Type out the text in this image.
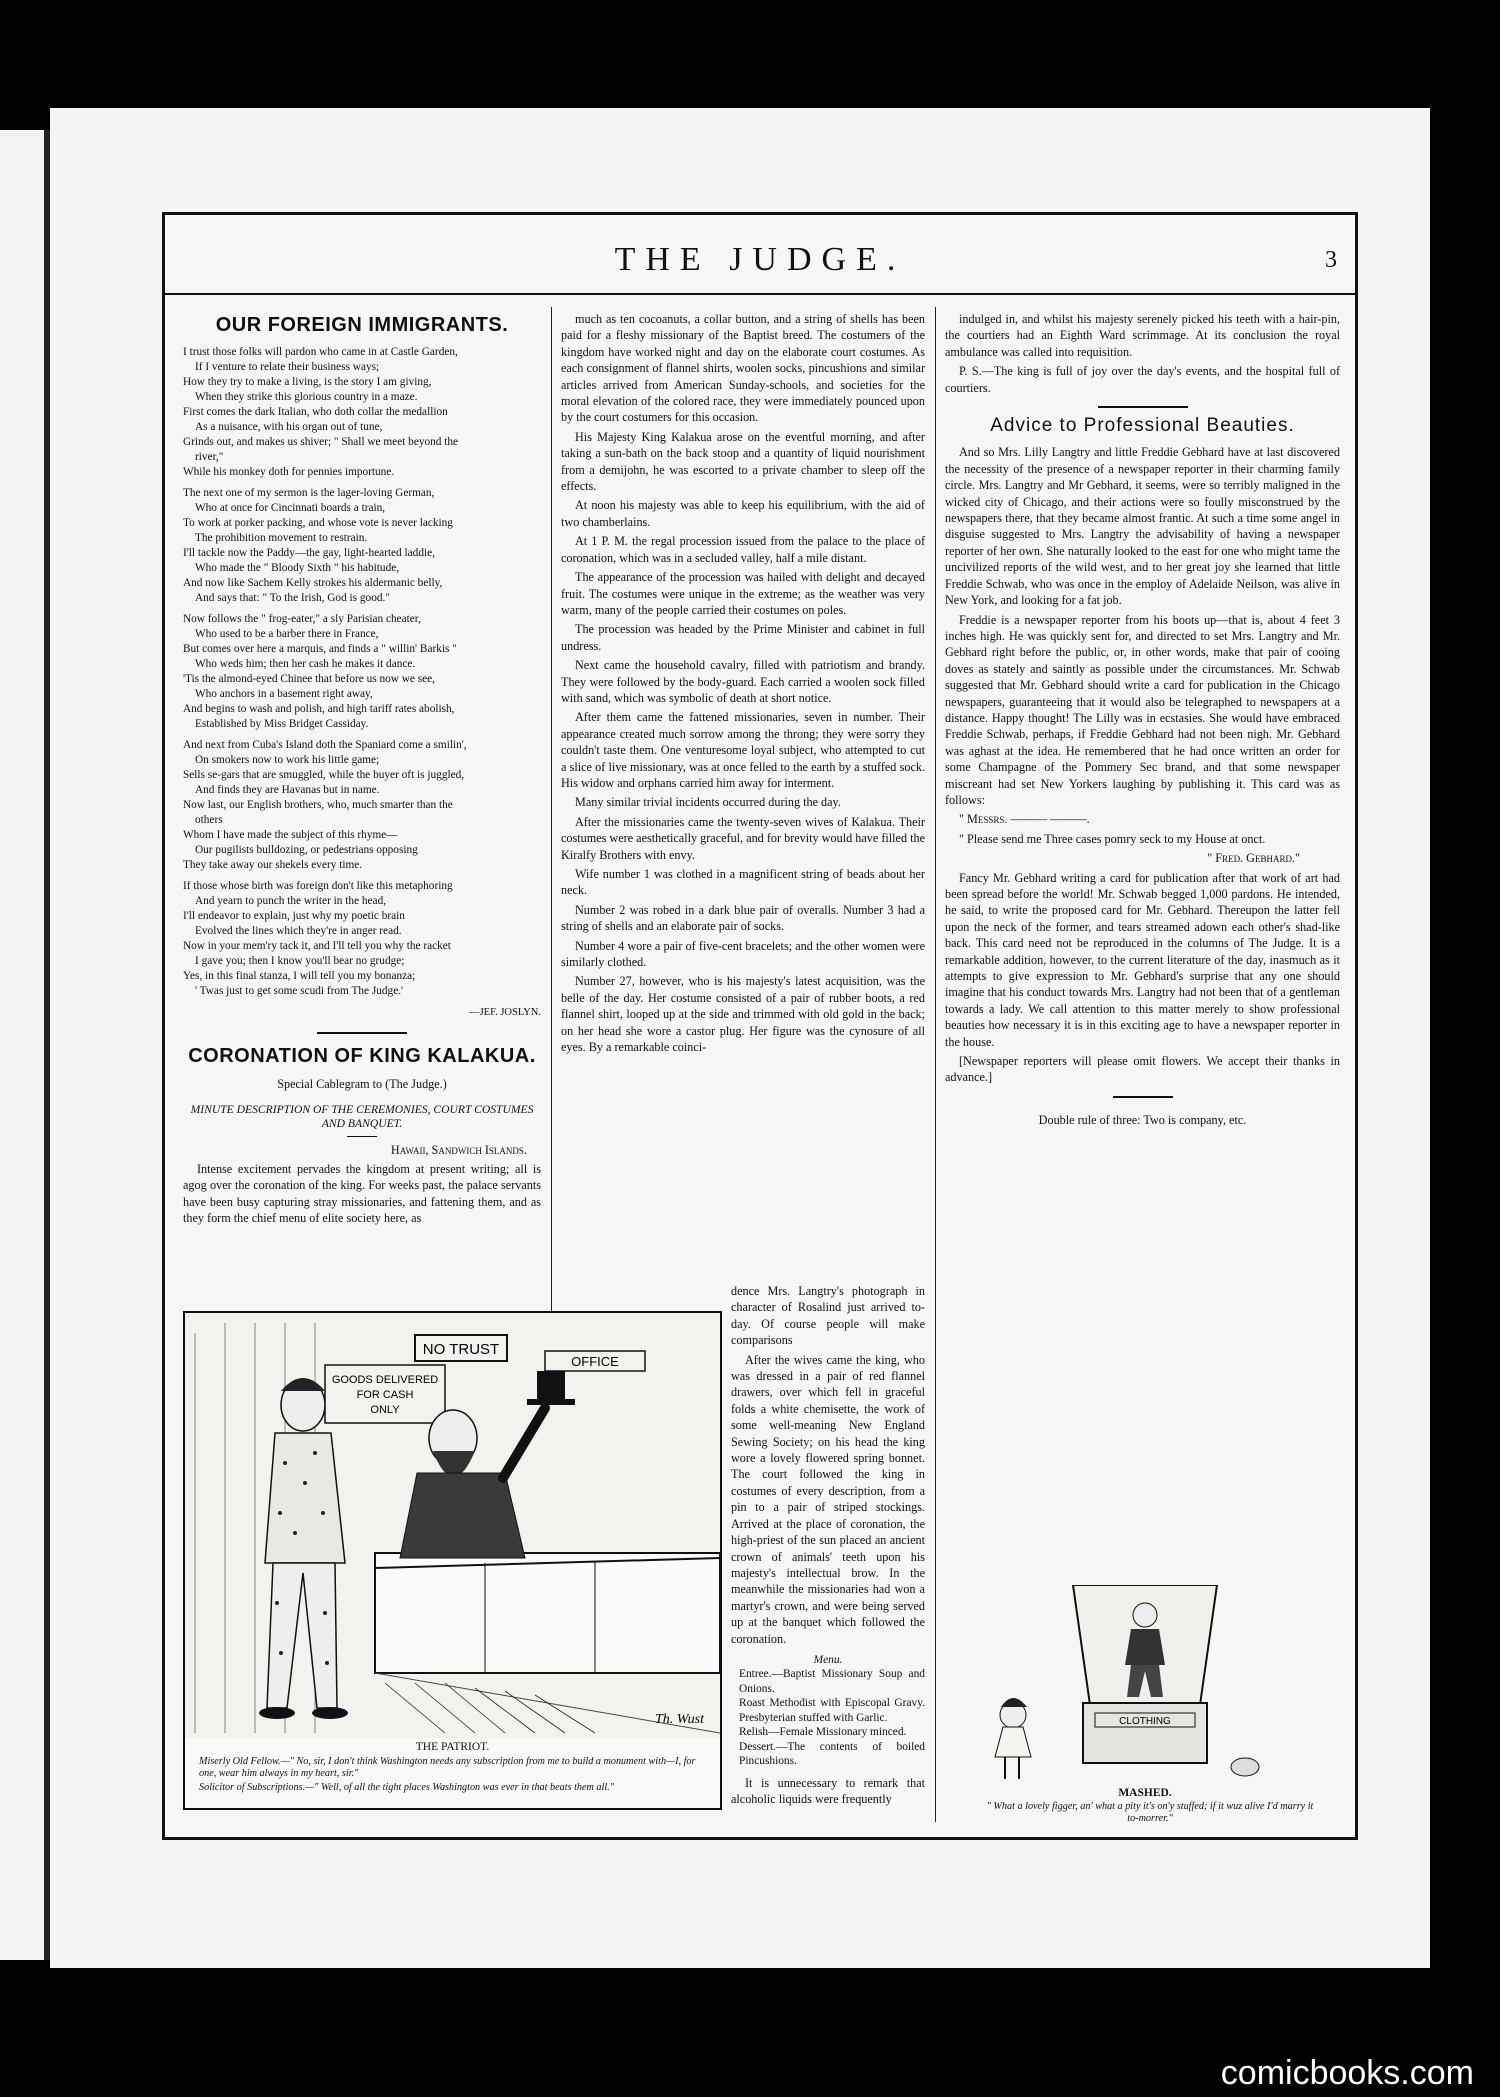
THE JUDGE.	3
OUR FOREIGN IMMIGRANTS.

I trust those folks will pardon who came in at Castle Garden,

If I venture to relate their business ways;

How they try to make a living, is the story I am giving,

When they strike this glorious country in a maze.

First comes the dark Italian, who doth collar the medallion

As a nuisance, with his organ out of tune,

Grinds out, and makes us shiver; " Shall we meet beyond the

river,"

While his monkey doth for pennies importune.

The next one of my sermon is the lager-loving German,

Who at once for Cincinnati boards a train,

To work at porker packing, and whose vote is never lacking

The prohibition movement to restrain.

I'll tackle now the Paddy—the gay, light-hearted laddie,

Who made the " Bloody Sixth " his habitude,

And now like Sachem Kelly strokes his aldermanic belly,

And says that: " To the Irish, God is good."

Now follows the " frog-eater," a sly Parisian cheater,

Who used to be a barber there in France,

But comes over here a marquis, and finds a " willin' Barkis "

Who weds him; then her cash he makes it dance.

'Tis the almond-eyed Chinee that before us now we see,

Who anchors in a basement right away,

And begins to wash and polish, and high tariff rates abolish,

Established by Miss Bridget Cassiday.

And next from Cuba's Island doth the Spaniard come a smilin',

On smokers now to work his little game;

Sells se-gars that are smuggled, while the buyer oft is juggled,

And finds they are Havanas but in name.

Now last, our English brothers, who, much smarter than the

others

Whom I have made the subject of this rhyme—

Our pugilists bulldozing, or pedestrians opposing

They take away our shekels every time.

If those whose birth was foreign don't like this metaphoring

And yearn to punch the writer in the head,

I'll endeavor to explain, just why my poetic brain

Evolved the lines which they're in anger read.

Now in your mem'ry tack it, and I'll tell you why the racket

I gave you; then I know you'll bear no grudge;

Yes, in this final stanza, I will tell you my bonanza;

' Twas just to get some scudi from The Judge.'

—JEF. JOSLYN.

CORONATION OF KING KALAKUA.

Special Cablegram to (The Judge.)

MINUTE DESCRIPTION OF THE CEREMONIES, COURT COSTUMES AND BANQUET.

Hawaii, Sandwich Islands.

Intense excitement pervades the kingdom at present writing; all is agog over the coronation of the king. For weeks past, the palace servants have been busy capturing stray missionaries, and fattening them, and as they form the chief menu of elite society here, as

much as ten cocoanuts, a collar button, and a string of shells has been paid for a fleshy missionary of the Baptist breed. The costumers of the kingdom have worked night and day on the elaborate court costumes. As each consignment of flannel shirts, woolen socks, pincushions and similar articles arrived from American Sunday-schools, and societies for the moral elevation of the colored race, they were immediately pounced upon by the court costumers for this occasion.

His Majesty King Kalakua arose on the eventful morning, and after taking a sun-bath on the back stoop and a quantity of liquid nourishment from a demijohn, he was escorted to a private chamber to sleep off the effects.

At noon his majesty was able to keep his equilibrium, with the aid of two chamberlains.

At 1 P. M. the regal procession issued from the palace to the place of coronation, which was in a secluded valley, half a mile distant.

The appearance of the procession was hailed with delight and decayed fruit. The costumes were unique in the extreme; as the weather was very warm, many of the people carried their costumes on poles.

The procession was headed by the Prime Minister and cabinet in full undress.

Next came the household cavalry, filled with patriotism and brandy. They were followed by the body-guard. Each carried a woolen sock filled with sand, which was symbolic of death at short notice.

After them came the fattened missionaries, seven in number. Their appearance created much sorrow among the throng; they were sorry they couldn't taste them. One venturesome loyal subject, who attempted to cut a slice of live missionary, was at once felled to the earth by a stuffed sock. His widow and orphans carried him away for interment.

Many similar trivial incidents occurred during the day.

After the missionaries came the twenty-seven wives of Kalakua. Their costumes were aesthetically graceful, and for brevity would have filled the Kiralfy Brothers with envy.

Wife number 1 was clothed in a magnificent string of beads about her neck.

Number 2 was robed in a dark blue pair of overalls. Number 3 had a string of shells and an elaborate pair of socks.

Number 4 wore a pair of five-cent bracelets; and the other women were similarly clothed.

Number 27, however, who is his majesty's latest acquisition, was the belle of the day. Her costume consisted of a pair of rubber boots, a red flannel shirt, looped up at the side and trimmed with old gold in the back; on her head she wore a castor plug. Her figure was the cynosure of all eyes. By a remarkable coinci-

dence Mrs. Langtry's photograph in character of Rosalind just arrived to-day. Of course people will make comparisons

After the wives came the king, who was dressed in a pair of red flannel drawers, over which fell in graceful folds a white chemisette, the work of some well-meaning New England Sewing Society; on his head the king wore a lovely flowered spring bonnet. The court followed the king in costumes of every description, from a pin to a pair of striped stockings. Arrived at the place of coronation, the high-priest of the sun placed an ancient crown of animals' teeth upon his majesty's intellectual brow. In the meanwhile the missionaries had won a martyr's crown, and were being served up at the banquet which followed the coronation.

Menu.

Entree.—Baptist Missionary Soup and Onions.

Roast Methodist with Episcopal Gravy. Presbyterian stuffed with Garlic.

Relish—Female Missionary minced.

Dessert.—The contents of boiled Pincushions.

It is unnecessary to remark that alcoholic liquids were frequently

indulged in, and whilst his majesty serenely picked his teeth with a hair-pin, the courtiers had an Eighth Ward scrimmage. At its conclusion the royal ambulance was called into requisition.

P. S.—The king is full of joy over the day's events, and the hospital full of courtiers.

Advice to Professional Beauties.

And so Mrs. Lilly Langtry and little Freddie Gebhard have at last discovered the necessity of the presence of a newspaper reporter in their charming family circle. Mrs. Langtry and Mr Gebhard, it seems, were so terribly maligned in the wicked city of Chicago, and their actions were so foully misconstrued by the newspapers there, that they became almost frantic. At such a time some angel in disguise suggested to Mrs. Langtry the advisability of having a newspaper reporter of her own. She naturally looked to the east for one who might tame the uncivilized reports of the wild west, and to her great joy she learned that little Freddie Schwab, who was once in the employ of Adelaide Neilson, was alive in New York, and looking for a fat job.

Freddie is a newspaper reporter from his boots up—that is, about 4 feet 3 inches high. He was quickly sent for, and directed to set Mrs. Langtry and Mr. Gebhard right before the public, or, in other words, make that pair of cooing doves as stately and saintly as possible under the circumstances. Mr. Schwab suggested that Mr. Gebhard should write a card for publication in the Chicago newspapers, guaranteeing that it would also be telegraphed to newspapers at a distance. Happy thought! The Lilly was in ecstasies. She would have embraced Freddie Schwab, perhaps, if Freddie Gebhard had not been nigh. Mr. Gebhard was aghast at the idea. He remembered that he had once written an order for some Champagne of the Pommery Sec brand, and that some newspaper miscreant had set New Yorkers laughing by publishing it. This card was as follows:

" Messrs. ——— ———.

" Please send me Three cases pomry seck to my House at onct.

" Fred. Gebhard."

Fancy Mr. Gebhard writing a card for publication after that work of art had been spread before the world! Mr. Schwab begged 1,000 pardons. He intended, he said, to write the proposed card for Mr. Gebhard. Thereupon the latter fell upon the neck of the former, and tears streamed adown each other's shad-like back. This card need not be reproduced in the columns of The Judge. It is a remarkable addition, however, to the current literature of the day, inasmuch as it attempts to give expression to Mr. Gebhard's surprise that any one should imagine that his conduct towards Mrs. Langtry had not been that of a gentleman towards a lady. We call attention to this matter merely to show professional beauties how necessary it is in this exciting age to have a newspaper reporter in the house.

[Newspaper reporters will please omit flowers. We accept their thanks in advance.]

Double rule of three: Two is company, etc.

NO TRUST
GOODS DELIVERED FOR CASH ONLY
OFFICE
Th. Wust
THE PATRIOT.
Miserly Old Fellow.—" No, sir, I don't think Washington needs any subscription from me to build a monument with—I, for one, wear him always in my heart, sir."
Solicitor of Subscriptions.—" Well, of all the tight places Washington was ever in that beats them all."
CLOTHING
MASHED.
" What a lovely figger, an' what a pity it's on'y stuffed; if it wuz alive I'd marry it to-morrer."
comicbooks.com
